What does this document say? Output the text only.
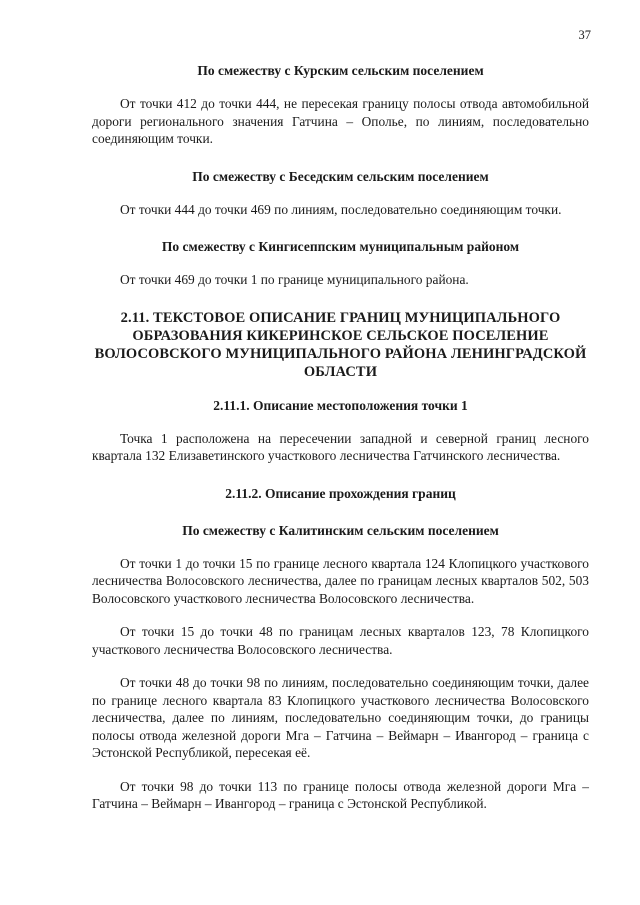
37

По смежеству с Курским сельским поселением

От точки 412 до точки 444, не пересекая границу полосы отвода автомобильной дороги регионального значения Гатчина – Ополье, по линиям, последовательно соединяющим точки.

По смежеству с Беседским сельским поселением

От точки 444 до точки 469 по линиям, последовательно соединяющим точки.

По смежеству с Кингисеппским муниципальным районом

От точки 469 до точки 1 по границе муниципального района.

2.11. ТЕКСТОВОЕ ОПИСАНИЕ ГРАНИЦ МУНИЦИПАЛЬНОГО ОБРАЗОВАНИЯ КИКЕРИНСКОЕ СЕЛЬСКОЕ ПОСЕЛЕНИЕ ВОЛОСОВСКОГО МУНИЦИПАЛЬНОГО РАЙОНА ЛЕНИНГРАДСКОЙ ОБЛАСТИ

2.11.1. Описание местоположения точки 1

Точка 1 расположена на пересечении западной и северной границ лесного квартала 132 Елизаветинского участкового лесничества Гатчинского лесничества.

2.11.2. Описание прохождения границ

По смежеству с Калитинским сельским поселением

От точки 1 до точки 15 по границе лесного квартала 124 Клопицкого участкового лесничества Волосовского лесничества, далее по границам лесных кварталов 502, 503 Волосовского участкового лесничества Волосовского лесничества.

От точки 15 до точки 48 по границам лесных кварталов 123, 78 Клопицкого участкового лесничества Волосовского лесничества.

От точки 48 до точки 98 по линиям, последовательно соединяющим точки, далее по границе лесного квартала 83 Клопицкого участкового лесничества Волосовского лесничества, далее по линиям, последовательно соединяющим точки, до границы полосы отвода железной дороги Мга – Гатчина – Веймарн – Ивангород – граница с Эстонской Республикой, пересекая её.

От точки 98 до точки 113 по границе полосы отвода железной дороги Мга – Гатчина – Веймарн – Ивангород – граница с Эстонской Республикой.
